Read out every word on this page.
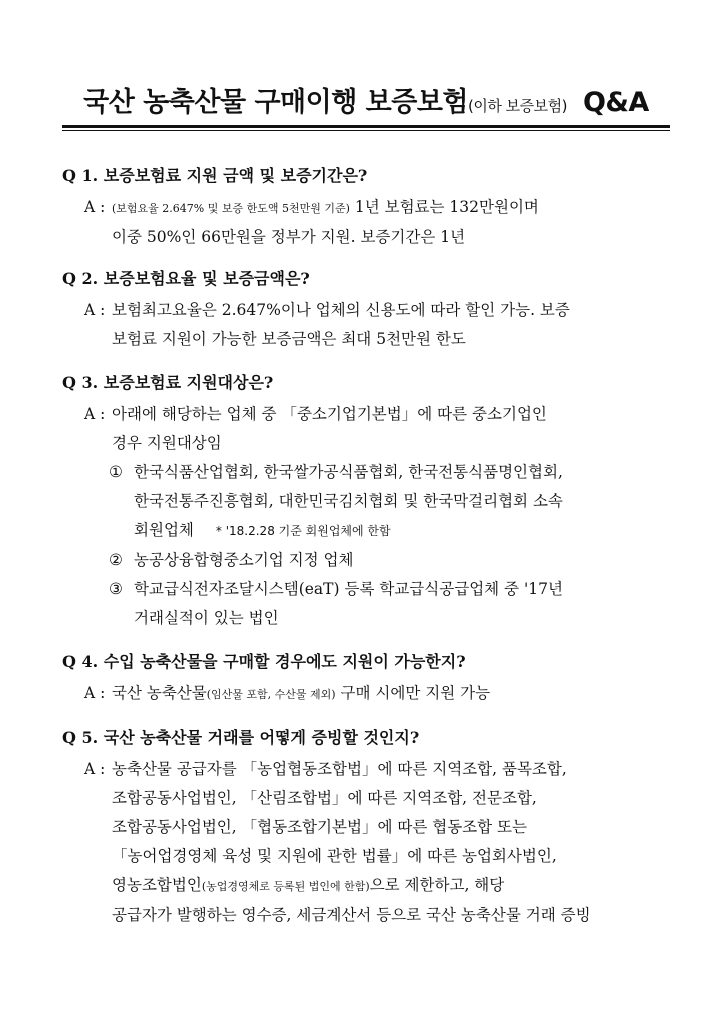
국산 농축산물 구매이행 보증보험(이하 보증보험) Q&A

Q 1. 보증보험료 지원 금액 및 보증기간은?

A : (보험요율 2.647% 및 보증 한도액 5천만원 기준) 1년 보험료는 132만원이며
이중 50%인 66만원을 정부가 지원. 보증기간은 1년

Q 2. 보증보험요율 및 보증금액은?

A : 보험최고요율은 2.647%이나 업체의 신용도에 따라 할인 가능. 보증
보험료 지원이 가능한 보증금액은 최대 5천만원 한도

Q 3. 보증보험료 지원대상은?

A : 아래에 해당하는 업체 중 「중소기업기본법」에 따른 중소기업인
경우 지원대상임
① 한국식품산업협회, 한국쌀가공식품협회, 한국전통식품명인협회,
한국전통주진흥협회, 대한민국김치협회 및 한국막걸리협회 소속
회원업체 * '18.2.28 기준 회원업체에 한함
② 농공상융합형중소기업 지정 업체
③ 학교급식전자조달시스템(eaT) 등록 학교급식공급업체 중 '17년
거래실적이 있는 법인

Q 4. 수입 농축산물을 구매할 경우에도 지원이 가능한지?

A : 국산 농축산물(임산물 포함, 수산물 제외) 구매 시에만 지원 가능

Q 5. 국산 농축산물 거래를 어떻게 증빙할 것인지?

A : 농축산물 공급자를 「농업협동조합법」에 따른 지역조합, 품목조합,
조합공동사업법인, 「산림조합법」에 따른 지역조합, 전문조합,
조합공동사업법인, 「협동조합기본법」에 따른 협동조합 또는
「농어업경영체 육성 및 지원에 관한 법률」에 따른 농업회사법인,
영농조합법인(농업경영체로 등록된 법인에 한함)으로 제한하고, 해당
공급자가 발행하는 영수증, 세금계산서 등으로 국산 농축산물 거래 증빙
